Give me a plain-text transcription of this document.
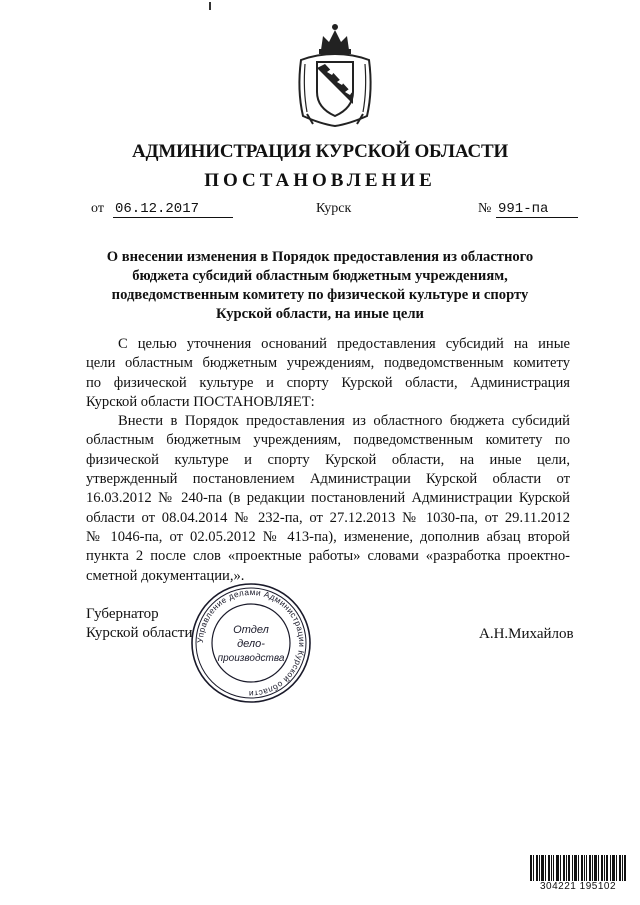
АДМИНИСТРАЦИЯ КУРСКОЙ ОБЛАСТИ
ПОСТАНОВЛЕНИЕ
от 06.12.2017	Курск	№ 991-па
О внесении изменения в Порядок предоставления из областного
бюджета субсидий областным бюджетным учреждениям,
подведомственным комитету по физической культуре и спорту
Курской области, на иные цели
С целью уточнения оснований предоставления субсидий на иные
цели областным бюджетным учреждениям, подведомственным комитету
по физической культуре и спорту Курской области, Администрация
Курской области ПОСТАНОВЛЯЕТ:
Внести в Порядок предоставления из областного бюджета субсидий
областным бюджетным учреждениям, подведомственным комитету по
физической культуре и спорту Курской области, на иные цели,
утвержденный постановлением Администрации Курской области от
16.03.2012 № 240-па (в редакции постановлений Администрации Курской
области от 08.04.2014 № 232-па, от 27.12.2013 № 1030-па, от 29.11.2012
№ 1046-па, от 02.05.2012 № 413-па), изменение, дополнив абзац второй
пункта 2 после слов «проектные работы» словами «разработка проектно-
сметной документации,».
Губернатор
Курской области	А.Н.Михайлов
Управление делами Администрации Курской области
Отдел
дело-
производства
304221 195102
